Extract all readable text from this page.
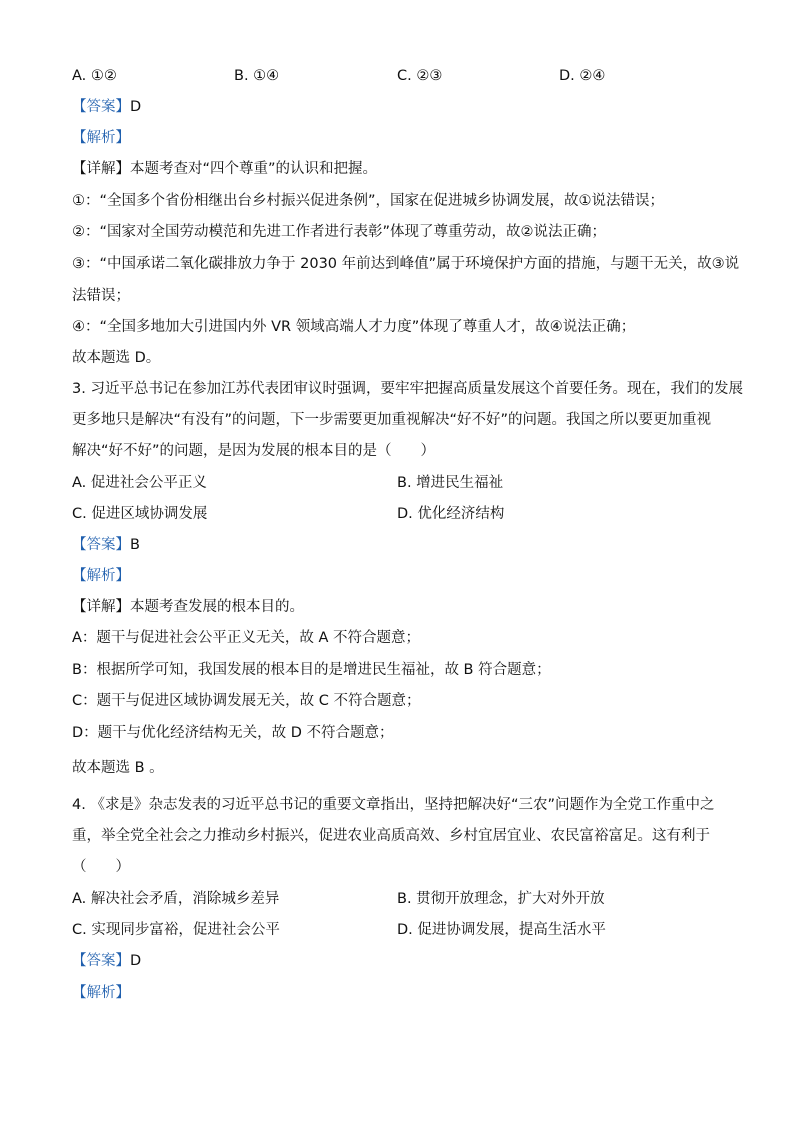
A. ①②	B. ①④	C. ②③	D. ②④
【答案】D
【解析】
【详解】本题考查对“四个尊重”的认识和把握。
①：“全国多个省份相继出台乡村振兴促进条例”，国家在促进城乡协调发展，故①说法错误；
②：“国家对全国劳动模范和先进工作者进行表彰”体现了尊重劳动，故②说法正确；
③：“中国承诺二氧化碳排放力争于 2030 年前达到峰值”属于环境保护方面的措施，与题干无关，故③说
法错误；
④：“全国多地加大引进国内外 VR 领域高端人才力度”体现了尊重人才，故④说法正确；
故本题选 D。
3. 习近平总书记在参加江苏代表团审议时强调，要牢牢把握高质量发展这个首要任务。现在，我们的发展
更多地只是解决“有没有”的问题，下一步需要更加重视解决“好不好”的问题。我国之所以要更加重视
解决“好不好”的问题，是因为发展的根本目的是（　　）
A. 促进社会公平正义	B. 增进民生福祉
C. 促进区域协调发展	D. 优化经济结构
【答案】B
【解析】
【详解】本题考查发展的根本目的。
A：题干与促进社会公平正义无关，故 A 不符合题意；
B：根据所学可知，我国发展的根本目的是增进民生福祉，故 B 符合题意；
C：题干与促进区域协调发展无关，故 C 不符合题意；
D：题干与优化经济结构无关，故 D 不符合题意；
故本题选 B 。
4. 《求是》杂志发表的习近平总书记的重要文章指出，坚持把解决好“三农”问题作为全党工作重中之
重，举全党全社会之力推动乡村振兴，促进农业高质高效、乡村宜居宜业、农民富裕富足。这有利于
（　　）
A. 解决社会矛盾，消除城乡差异	B. 贯彻开放理念，扩大对外开放
C. 实现同步富裕，促进社会公平	D. 促进协调发展，提高生活水平
【答案】D
【解析】
